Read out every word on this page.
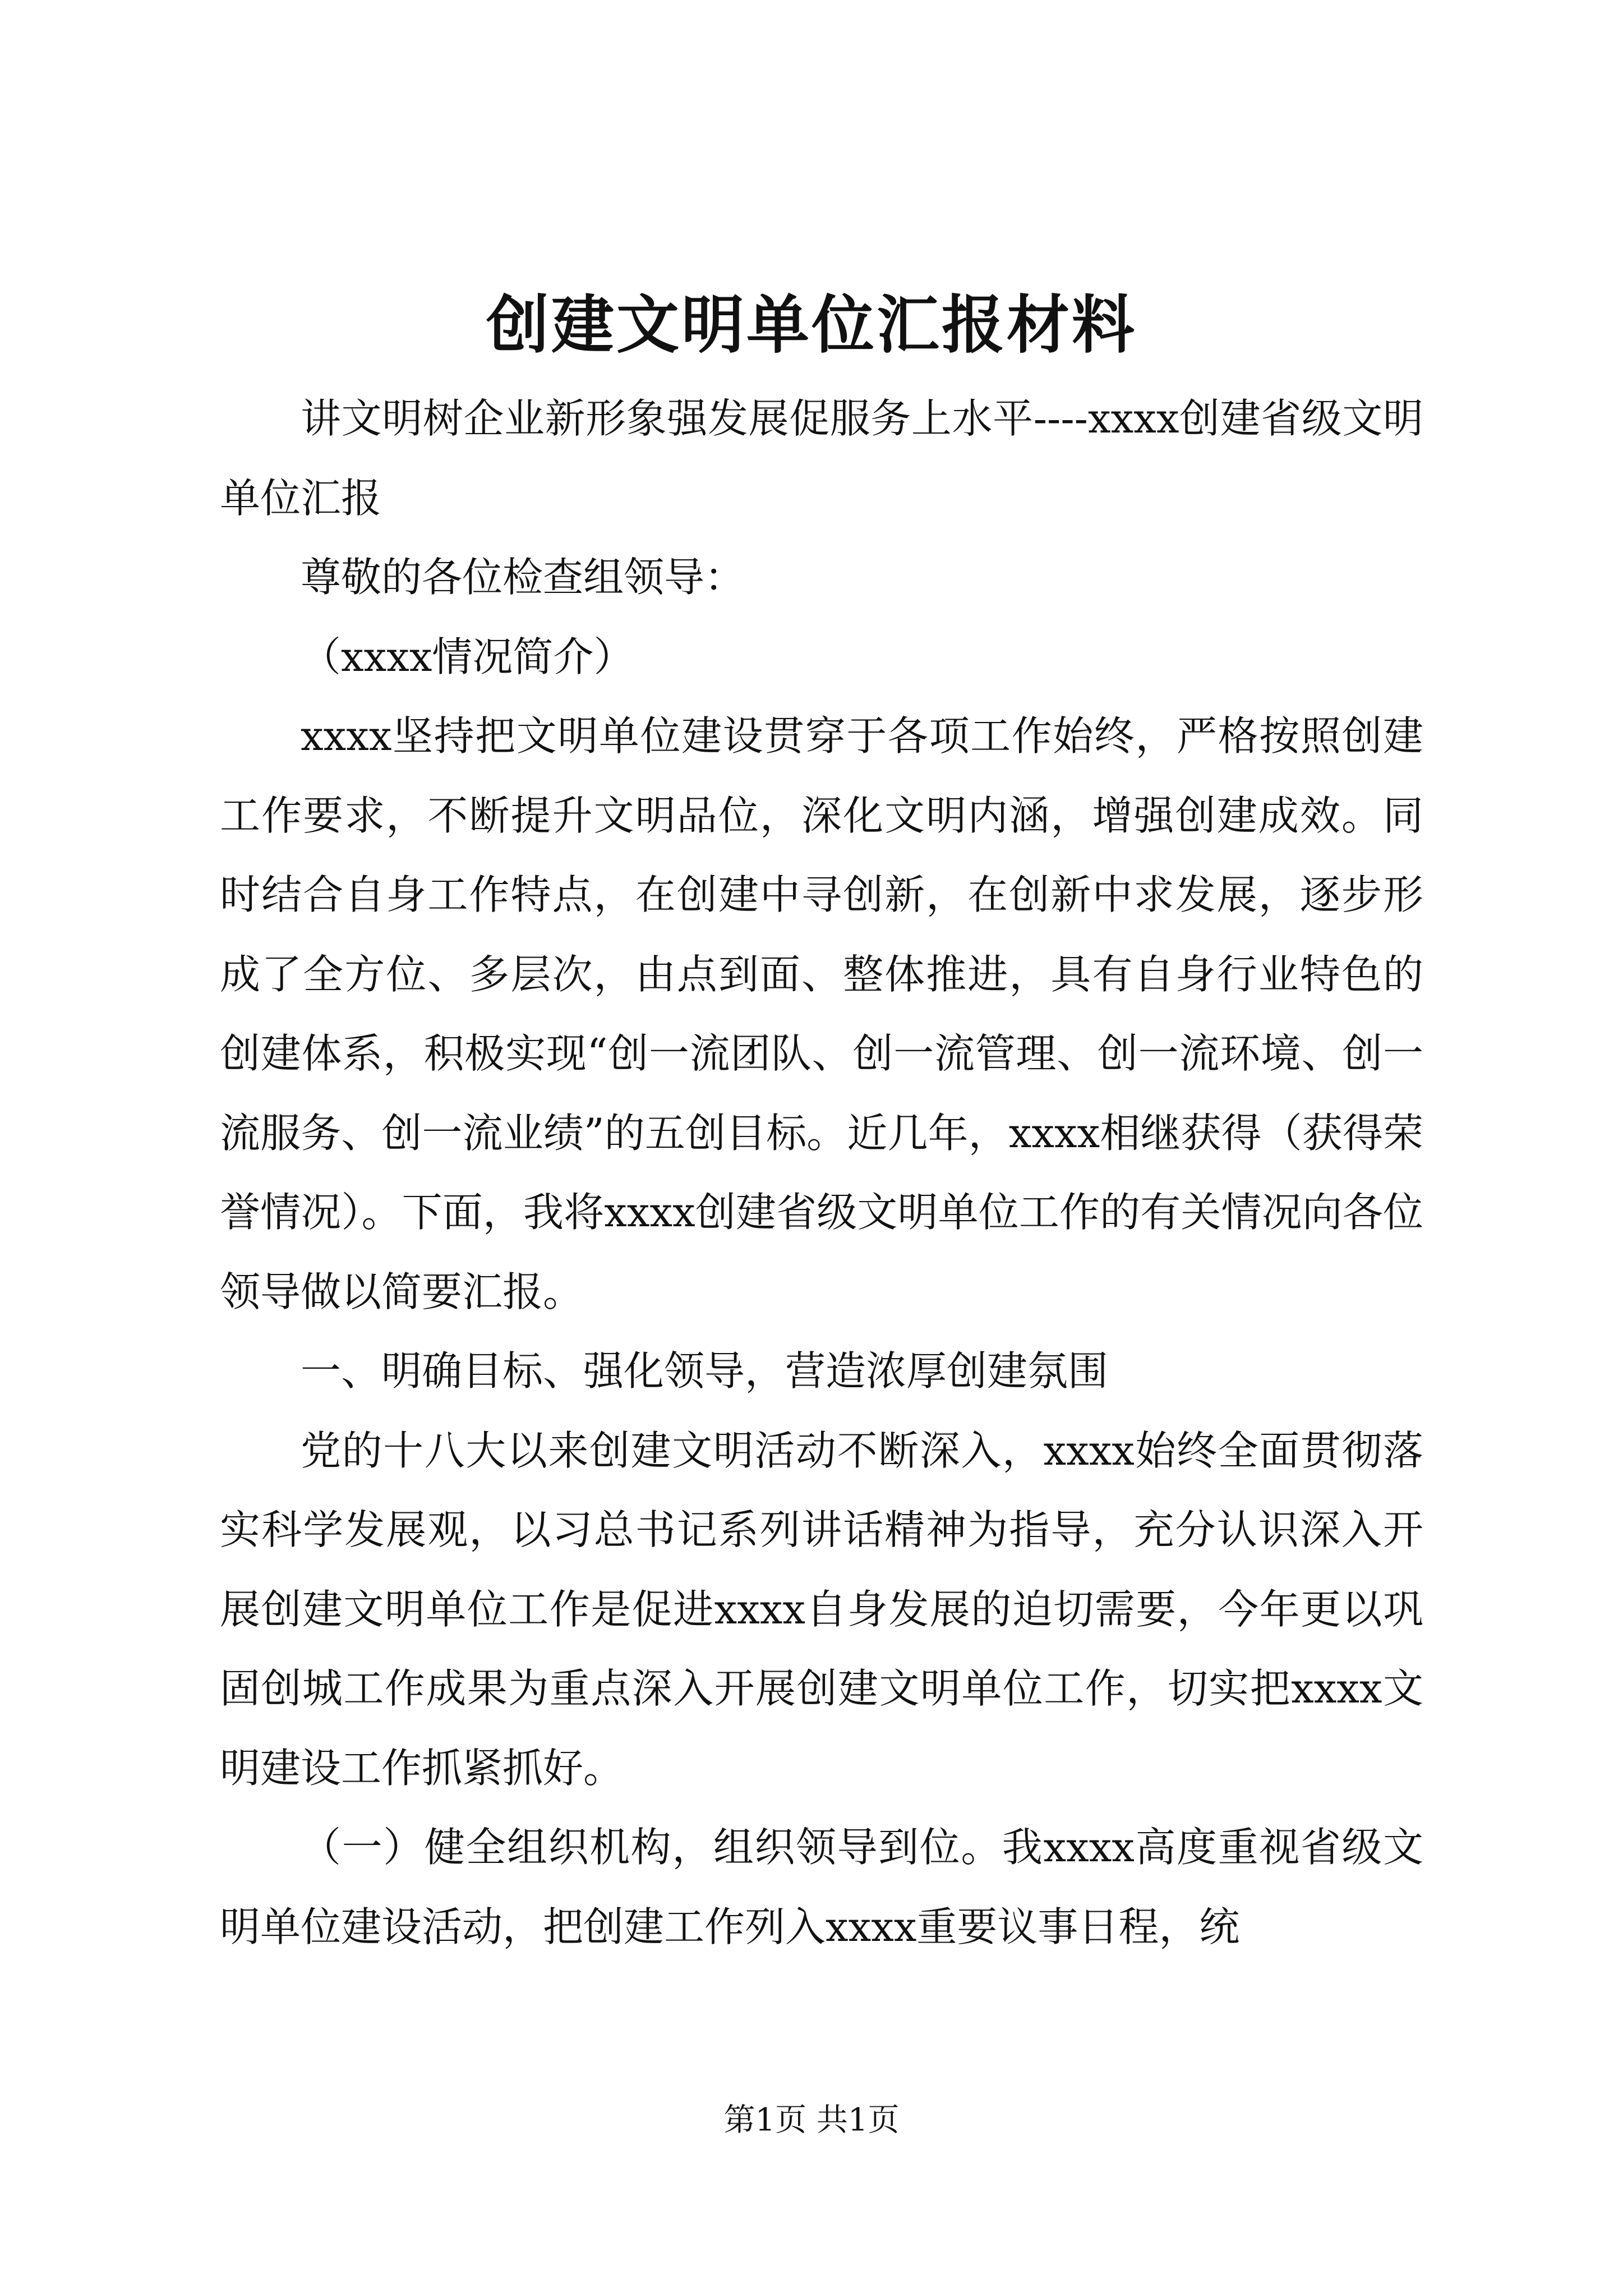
创建文明单位汇报材料

讲文明树企业新形象强发展促服务上水平----xxxx创建省级文明单位汇报

尊敬的各位检查组领导：

（xxxx情况简介）

xxxx坚持把文明单位建设贯穿于各项工作始终，严格按照创建工作要求，不断提升文明品位，深化文明内涵，增强创建成效。同时结合自身工作特点，在创建中寻创新，在创新中求发展，逐步形成了全方位、多层次，由点到面、整体推进，具有自身行业特色的创建体系，积极实现“创一流团队、创一流管理、创一流环境、创一流服务、创一流业绩”的五创目标。近几年，xxxx相继获得（获得荣誉情况）。下面，我将xxxx创建省级文明单位工作的有关情况向各位领导做以简要汇报。

一、明确目标、强化领导，营造浓厚创建氛围

党的十八大以来创建文明活动不断深入，xxxx始终全面贯彻落实科学发展观，以习总书记系列讲话精神为指导，充分认识深入开展创建文明单位工作是促进xxxx自身发展的迫切需要，今年更以巩固创城工作成果为重点深入开展创建文明单位工作，切实把xxxx文明建设工作抓紧抓好。

（一）健全组织机构，组织领导到位。我xxxx高度重视省级文明单位建设活动，把创建工作列入xxxx重要议事日程，统

第1页 共1页
